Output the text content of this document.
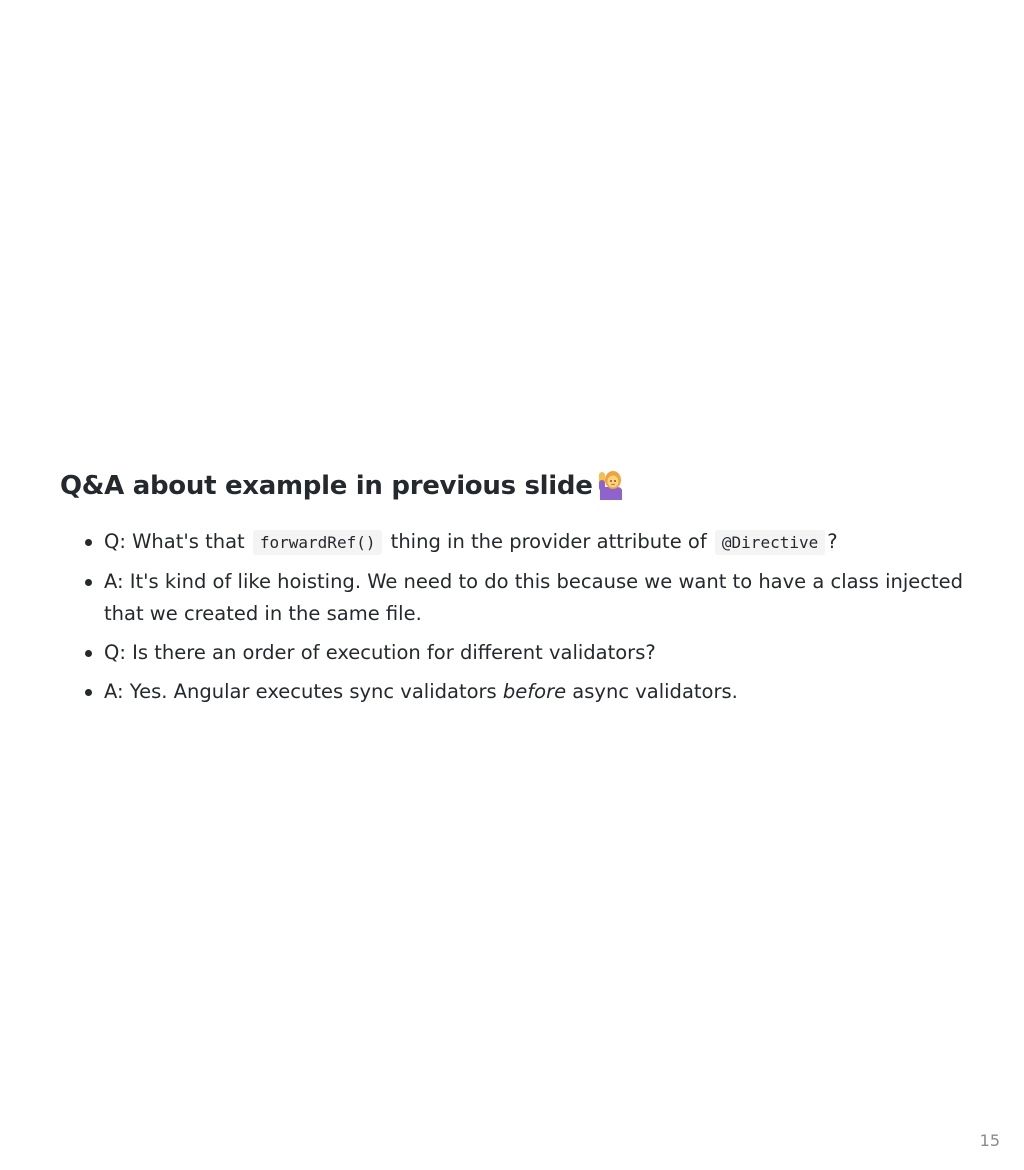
Q&A about example in previous slide
Q: What's that forwardRef() thing in the provider attribute of @Directive ?
A: It's kind of like hoisting. We need to do this because we want to have a class injected that we created in the same file.
Q: Is there an order of execution for different validators?
A: Yes. Angular executes sync validators before async validators.
15
